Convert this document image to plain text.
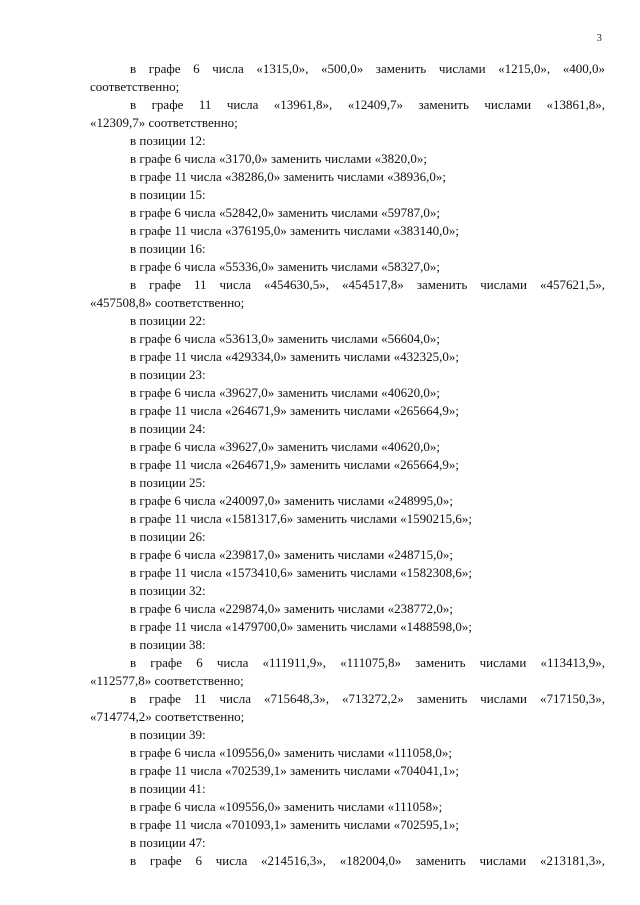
3
в графе 6 числа «1315,0», «500,0» заменить числами «1215,0», «400,0»
соответственно;
в графе 11 числа «13961,8», «12409,7» заменить числами «13861,8»,
«12309,7» соответственно;
в позиции 12:
в графе 6 числа «3170,0» заменить числами «3820,0»;
в графе 11 числа «38286,0» заменить числами «38936,0»;
в позиции 15:
в графе 6 числа «52842,0» заменить числами «59787,0»;
в графе 11 числа «376195,0» заменить числами «383140,0»;
в позиции 16:
в графе 6 числа «55336,0» заменить числами «58327,0»;
в графе 11 числа «454630,5», «454517,8» заменить числами «457621,5»,
«457508,8» соответственно;
в позиции 22:
в графе 6 числа «53613,0» заменить числами «56604,0»;
в графе 11 числа «429334,0» заменить числами «432325,0»;
в позиции 23:
в графе 6 числа «39627,0» заменить числами «40620,0»;
в графе 11 числа «264671,9» заменить числами «265664,9»;
в позиции 24:
в графе 6 числа «39627,0» заменить числами «40620,0»;
в графе 11 числа «264671,9» заменить числами «265664,9»;
в позиции 25:
в графе 6 числа «240097,0» заменить числами «248995,0»;
в графе 11 числа «1581317,6» заменить числами «1590215,6»;
в позиции 26:
в графе 6 числа «239817,0» заменить числами «248715,0»;
в графе 11 числа «1573410,6» заменить числами «1582308,6»;
в позиции 32:
в графе 6 числа «229874,0» заменить числами «238772,0»;
в графе 11 числа «1479700,0» заменить числами «1488598,0»;
в позиции 38:
в графе 6 числа «111911,9», «111075,8» заменить числами «113413,9»,
«112577,8» соответственно;
в графе 11 числа «715648,3», «713272,2» заменить числами «717150,3»,
«714774,2» соответственно;
в позиции 39:
в графе 6 числа «109556,0» заменить числами «111058,0»;
в графе 11 числа «702539,1» заменить числами «704041,1»;
в позиции 41:
в графе 6 числа «109556,0» заменить числами «111058»;
в графе 11 числа «701093,1» заменить числами «702595,1»;
в позиции 47:
в графе 6 числа «214516,3», «182004,0» заменить числами «213181,3»,
